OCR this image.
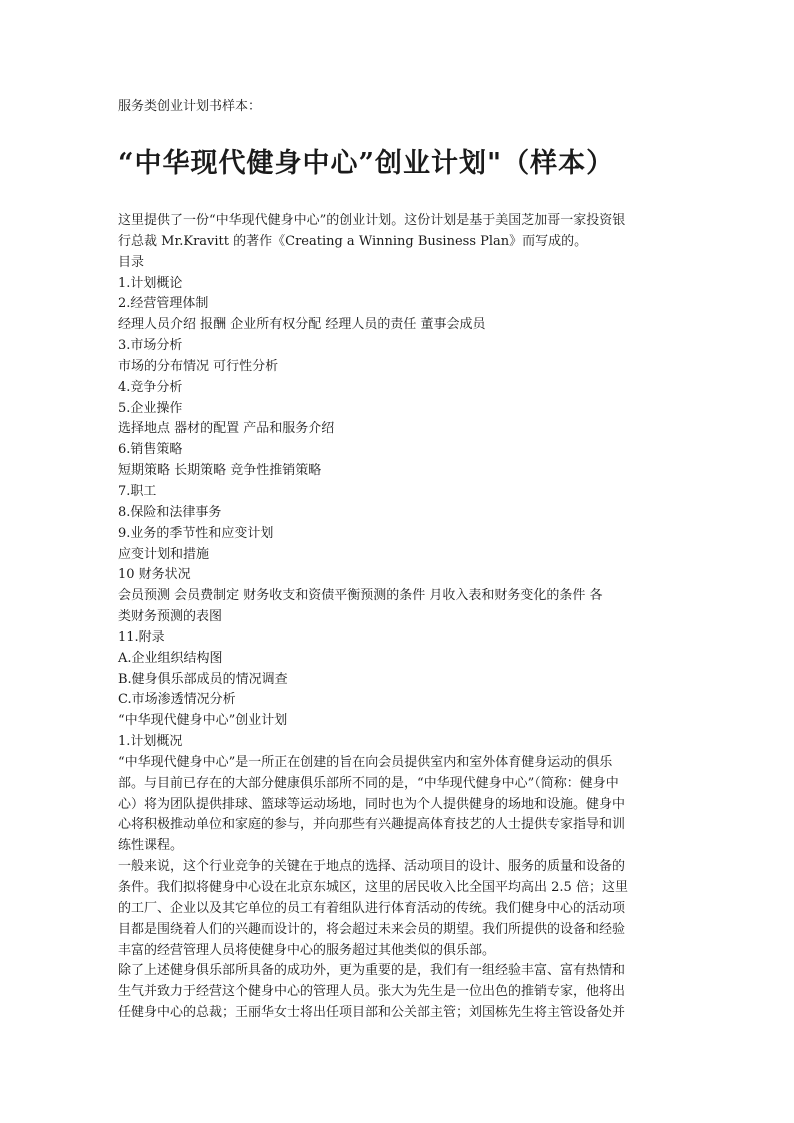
服务类创业计划书样本：
“中华现代健身中心”创业计划"（样本）

这里提供了一份“中华现代健身中心”的创业计划。这份计划是基于美国芝加哥一家投资银

行总裁 Mr.Kravitt 的著作《Creating a Winning Business Plan》而写成的。

目录

1.计划概论

2.经营管理体制

经理人员介绍 报酬 企业所有权分配 经理人员的责任 董事会成员

3.市场分析

市场的分布情况 可行性分析

4.竞争分析

5.企业操作

选择地点 器材的配置 产品和服务介绍

6.销售策略

短期策略 长期策略 竞争性推销策略

7.职工

8.保险和法律事务

9.业务的季节性和应变计划

应变计划和措施

10 财务状况

会员预测 会员费制定 财务收支和资债平衡预测的条件 月收入表和财务变化的条件 各

类财务预测的表图

11.附录

A.企业组织结构图

B.健身俱乐部成员的情况调查

C.市场渗透情况分析

“中华现代健身中心”创业计划

1.计划概况

“中华现代健身中心”是一所正在创建的旨在向会员提供室内和室外体育健身运动的俱乐

部。与目前已存在的大部分健康俱乐部所不同的是，“中华现代健身中心”（简称：健身中

心）将为团队提供排球、篮球等运动场地，同时也为个人提供健身的场地和设施。健身中

心将积极推动单位和家庭的参与，并向那些有兴趣提高体育技艺的人士提供专家指导和训

练性课程。

一般来说，这个行业竞争的关键在于地点的选择、活动项目的设计、服务的质量和设备的

条件。我们拟将健身中心设在北京东城区，这里的居民收入比全国平均高出 2.5 倍；这里

的工厂、企业以及其它单位的员工有着组队进行体育活动的传统。我们健身中心的活动项

目都是围绕着人们的兴趣而设计的，将会超过未来会员的期望。我们所提供的设备和经验

丰富的经营管理人员将使健身中心的服务超过其他类似的俱乐部。

除了上述健身俱乐部所具备的成功外，更为重要的是，我们有一组经验丰富、富有热情和

生气并致力于经营这个健身中心的管理人员。张大为先生是一位出色的推销专家，他将出

任健身中心的总裁；王丽华女士将出任项目部和公关部主管；刘国栋先生将主管设备处并
